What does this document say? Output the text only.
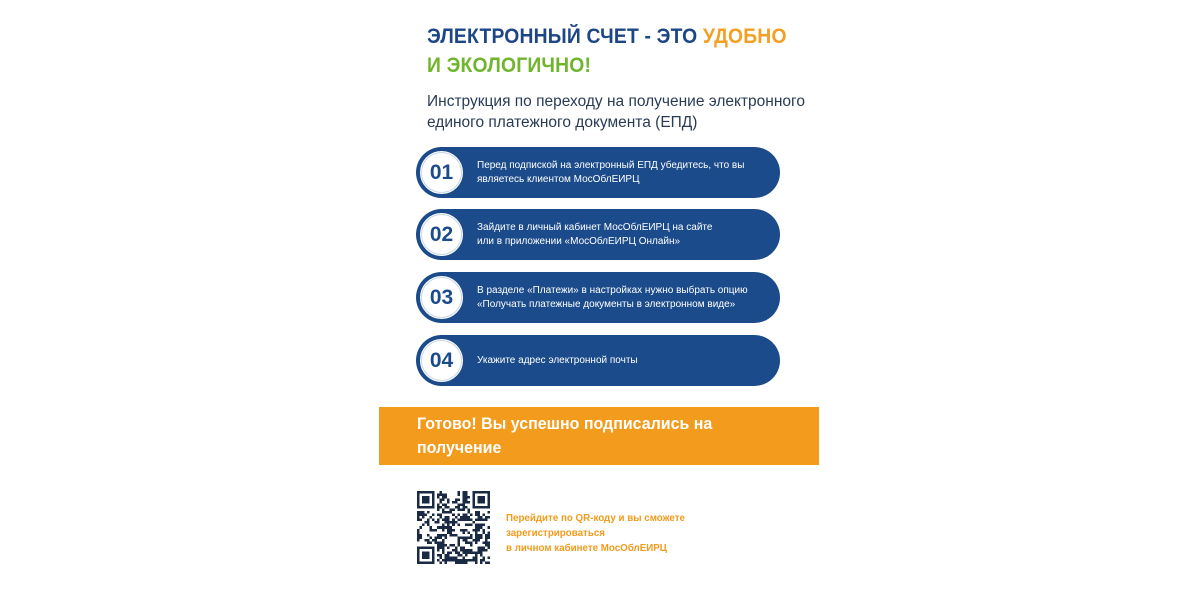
ЭЛЕКТРОННЫЙ СЧЕТ - ЭТО УДОБНО
И ЭКОЛОГИЧНО!
Инструкция по переходу на получение электронного
единого платежного документа (ЕПД)
01 Перед подпиской на электронный ЕПД убедитесь, что вы
являетесь клиентом МосОблЕИРЦ
02 Зайдите в личный кабинет МосОблЕИРЦ на сайте
или в приложении «МосОблЕИРЦ Онлайн»
03 В разделе «Платежи» в настройках нужно выбрать опцию
«Получать платежные документы в электронном виде»
04 Укажите адрес электронной почты
Готово! Вы успешно подписались на получение
электронного платежного документа
Перейдите по QR-коду и вы сможете зарегистрироваться
в личном кабинете МосОблЕИРЦ
